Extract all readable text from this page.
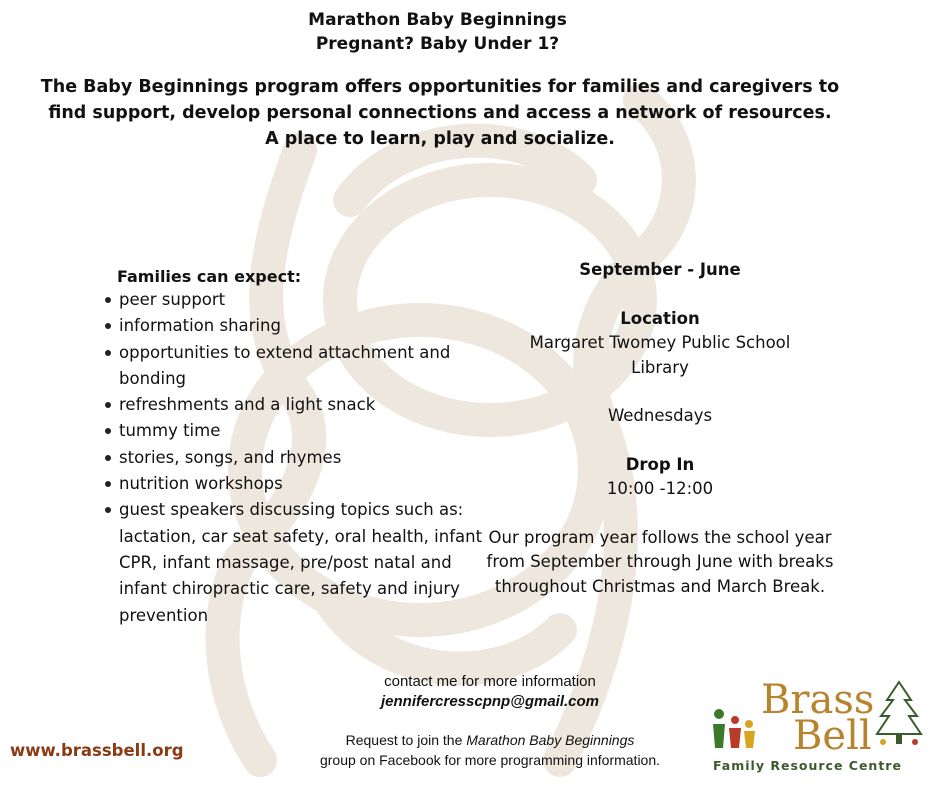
Marathon Baby Beginnings
Pregnant? Baby Under 1?
The Baby Beginnings program offers opportunities for families and caregivers to find support, develop personal connections and access a network of resources.
A place to learn, play and socialize.
Families can expect:
peer support
information sharing
opportunities to extend attachment and bonding
refreshments and a light snack
tummy time
stories, songs, and rhymes
nutrition workshops
guest speakers discussing topics such as: lactation, car seat safety, oral health, infant CPR, infant massage, pre/post natal and infant chiropractic care, safety and injury prevention

September - June

Location

Margaret Twomey Public School

Library

Wednesdays

Drop In

10:00 -12:00

Our program year follows the school year from September through June with breaks throughout Christmas and March Break.

contact me for more information
jennifercresscpnp@gmail.com
Request to join the Marathon Baby Beginnings
group on Facebook for more programming information.
www.brassbell.org
Brass
Bell
Family Resource Centre
